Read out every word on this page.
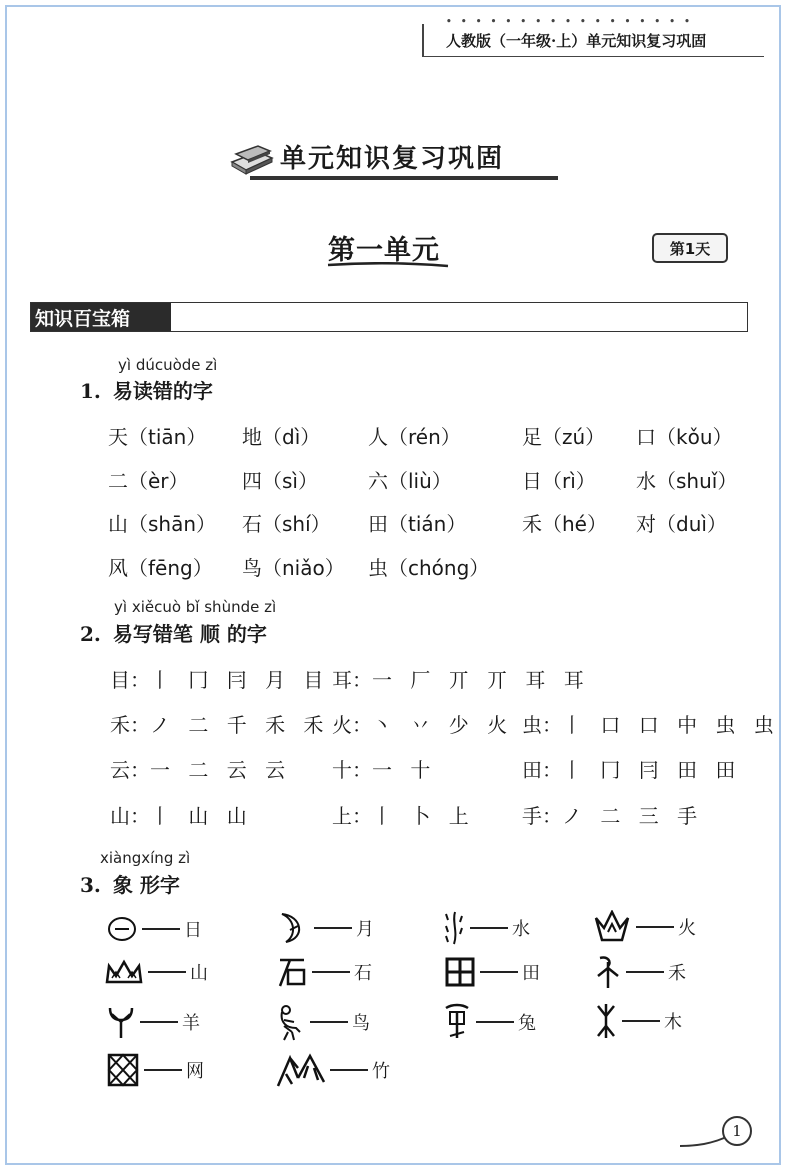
• • • • • • • • • • • • • • • • •
人教版（一年级·上）单元知识复习巩固
单元知识复习巩固
第一单元	第1天
知识百宝箱
yì dúcuòde zì
1. 易读错的字
天（tiān） 地（dì） 人（rén）	足（zú） 口（kǒu）
二（èr）	四（sì）	六（liù）	日（rì） 水（shuǐ）
山（shān） 石（shí） 田（tián）	禾（hé） 对（duì）
风（fēng） 鸟（niǎo） 虫（chóng）
yì xiěcuò bǐ shùnde zì
2. 易写错笔 顺 的字
目：丨 冂 冃 月 目 耳：一 厂 丌 丌 耳 耳
禾：ノ 二 千 禾 禾 火：丶 丷 少 火 虫：丨 口 口 中 虫 虫
云：一 二 云 云 十：一 十	田：丨 冂 冃 田 田
山：丨 山 山	上：丨 卜 上 手：ノ 二 三 手
xiàngxíng zì
3. 象 形字
日	月	水	火
山	石	田	禾
羊	鸟	兔	木
网	竹
1
